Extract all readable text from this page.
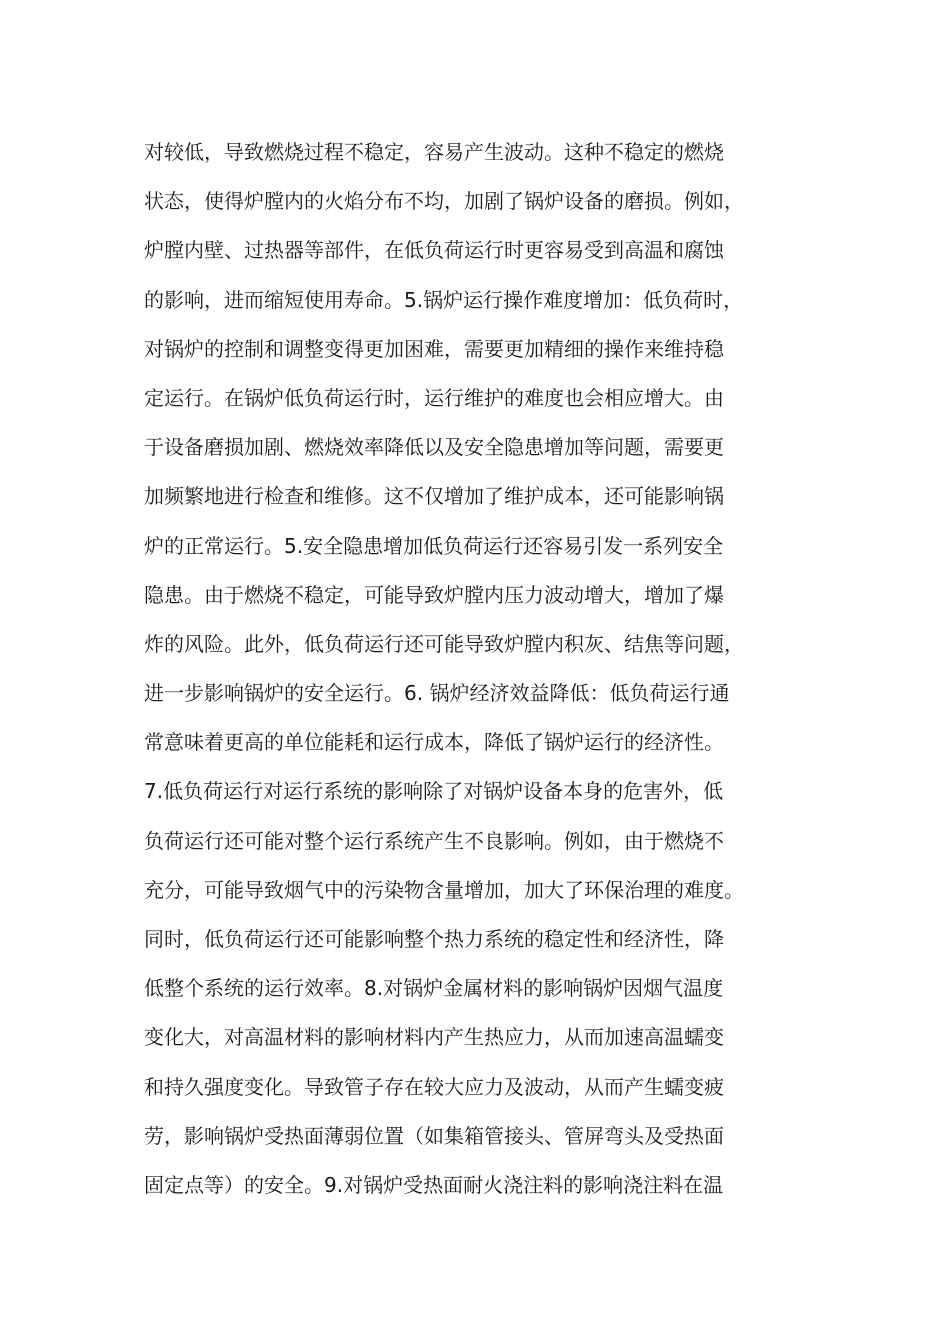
对较低，导致燃烧过程不稳定，容易产生波动。这种不稳定的燃烧
状态，使得炉膛内的火焰分布不均，加剧了锅炉设备的磨损。例如，
炉膛内壁、过热器等部件，在低负荷运行时更容易受到高温和腐蚀
的影响，进而缩短使用寿命。5.锅炉运行操作难度增加：低负荷时，
对锅炉的控制和调整变得更加困难，需要更加精细的操作来维持稳
定运行。在锅炉低负荷运行时，运行维护的难度也会相应增大。由
于设备磨损加剧、燃烧效率降低以及安全隐患增加等问题，需要更
加频繁地进行检查和维修。这不仅增加了维护成本，还可能影响锅
炉的正常运行。5.安全隐患增加低负荷运行还容易引发一系列安全
隐患。由于燃烧不稳定，可能导致炉膛内压力波动增大，增加了爆
炸的风险。此外，低负荷运行还可能导致炉膛内积灰、结焦等问题，
进一步影响锅炉的安全运行。6. 锅炉经济效益降低：低负荷运行通
常意味着更高的单位能耗和运行成本，降低了锅炉运行的经济性。
7.低负荷运行对运行系统的影响除了对锅炉设备本身的危害外，低
负荷运行还可能对整个运行系统产生不良影响。例如，由于燃烧不
充分，可能导致烟气中的污染物含量增加，加大了环保治理的难度。
同时，低负荷运行还可能影响整个热力系统的稳定性和经济性，降
低整个系统的运行效率。8.对锅炉金属材料的影响锅炉因烟气温度
变化大，对高温材料的影响材料内产生热应力，从而加速高温蠕变
和持久强度变化。导致管子存在较大应力及波动，从而产生蠕变疲
劳，影响锅炉受热面薄弱位置（如集箱管接头、管屏弯头及受热面
固定点等）的安全。9.对锅炉受热面耐火浇注料的影响浇注料在温
